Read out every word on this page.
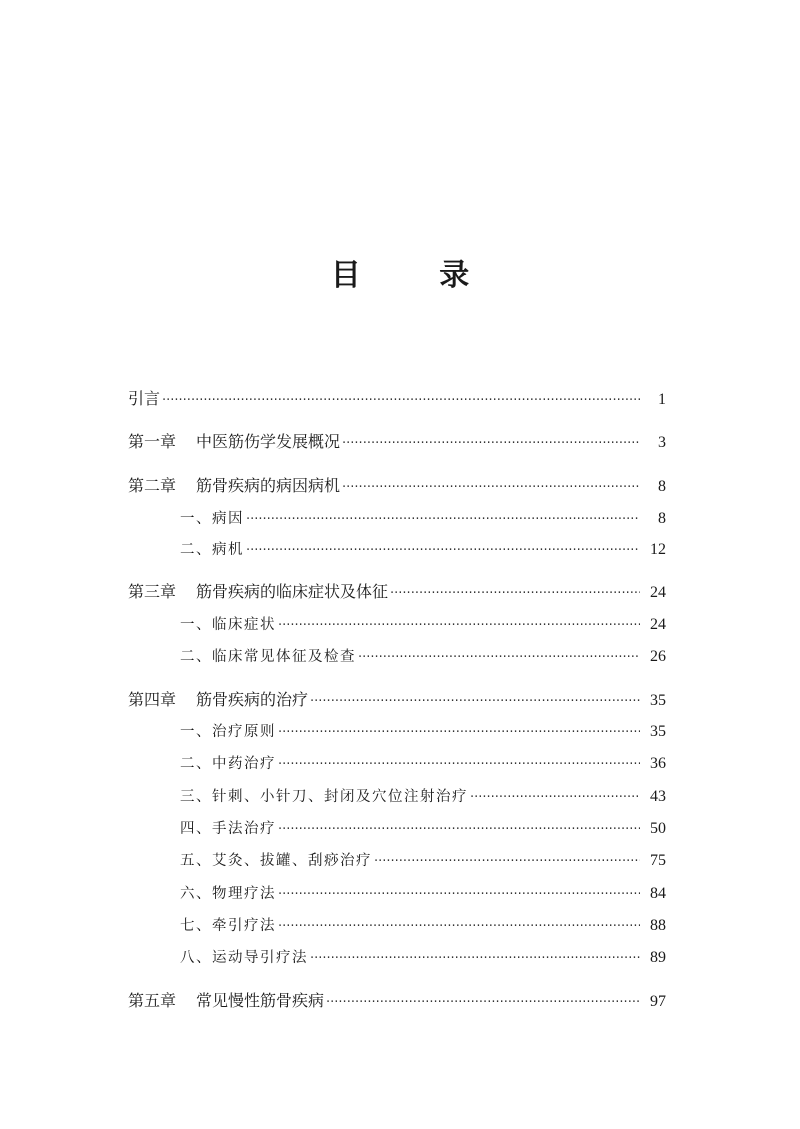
目 录
引言 ·····	1
第一章 中医筋伤学发展概况 ·····	3
第二章 筋骨疾病的病因病机 ·····	8
一、病因 ·····	8
二、病机 ·····	12
第三章 筋骨疾病的临床症状及体征 ·····	24
一、临床症状 ·····	24
二、临床常见体征及检查 ·····	26
第四章 筋骨疾病的治疗 ·····	35
一、治疗原则 ·····	35
二、中药治疗 ·····	36
三、针刺、小针刀、封闭及穴位注射治疗 ·····	43
四、手法治疗 ·····	50
五、艾灸、拔罐、刮痧治疗 ·····	75
六、物理疗法 ·····	84
七、牵引疗法 ·····	88
八、运动导引疗法 ·····	89
第五章 常见慢性筋骨疾病 ·····	97
